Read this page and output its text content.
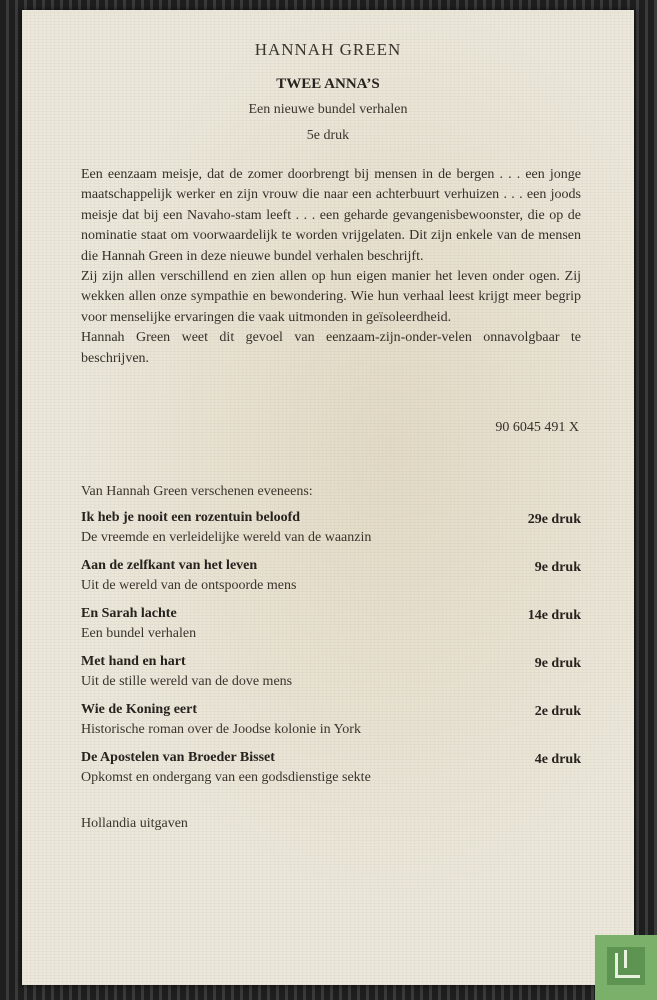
HANNAH GREEN
TWEE ANNA’S
Een nieuwe bundel verhalen
5e druk

Een eenzaam meisje, dat de zomer doorbrengt bij mensen in de bergen . . . een jonge maatschappelijk werker en zijn vrouw die naar een achterbuurt verhuizen . . . een joods meisje dat bij een Navaho-stam leeft . . . een geharde gevangenisbewoonster, die op de nominatie staat om voorwaardelijk te worden vrijgelaten. Dit zijn enkele van de mensen die Hannah Green in deze nieuwe bundel verhalen beschrijft.

Zij zijn allen verschillend en zien allen op hun eigen manier het leven onder ogen. Zij wekken allen onze sympathie en bewondering. Wie hun verhaal leest krijgt meer begrip voor menselijke ervaringen die vaak uitmonden in geïsoleerdheid.

Hannah Green weet dit gevoel van eenzaam-zijn-onder-velen onnavolgbaar te beschrijven.

90 6045 491 X
Van Hannah Green verschenen eveneens:
Ik heb je nooit een rozentuin beloofd	29e druk
De vreemde en verleidelijke wereld van de waanzin
Aan de zelfkant van het leven	9e druk
Uit de wereld van de ontspoorde mens
En Sarah lachte	14e druk
Een bundel verhalen
Met hand en hart	9e druk
Uit de stille wereld van de dove mens
Wie de Koning eert	2e druk
Historische roman over de Joodse kolonie in York
De Apostelen van Broeder Bisset	4e druk
Opkomst en ondergang van een godsdienstige sekte
Hollandia uitgaven
